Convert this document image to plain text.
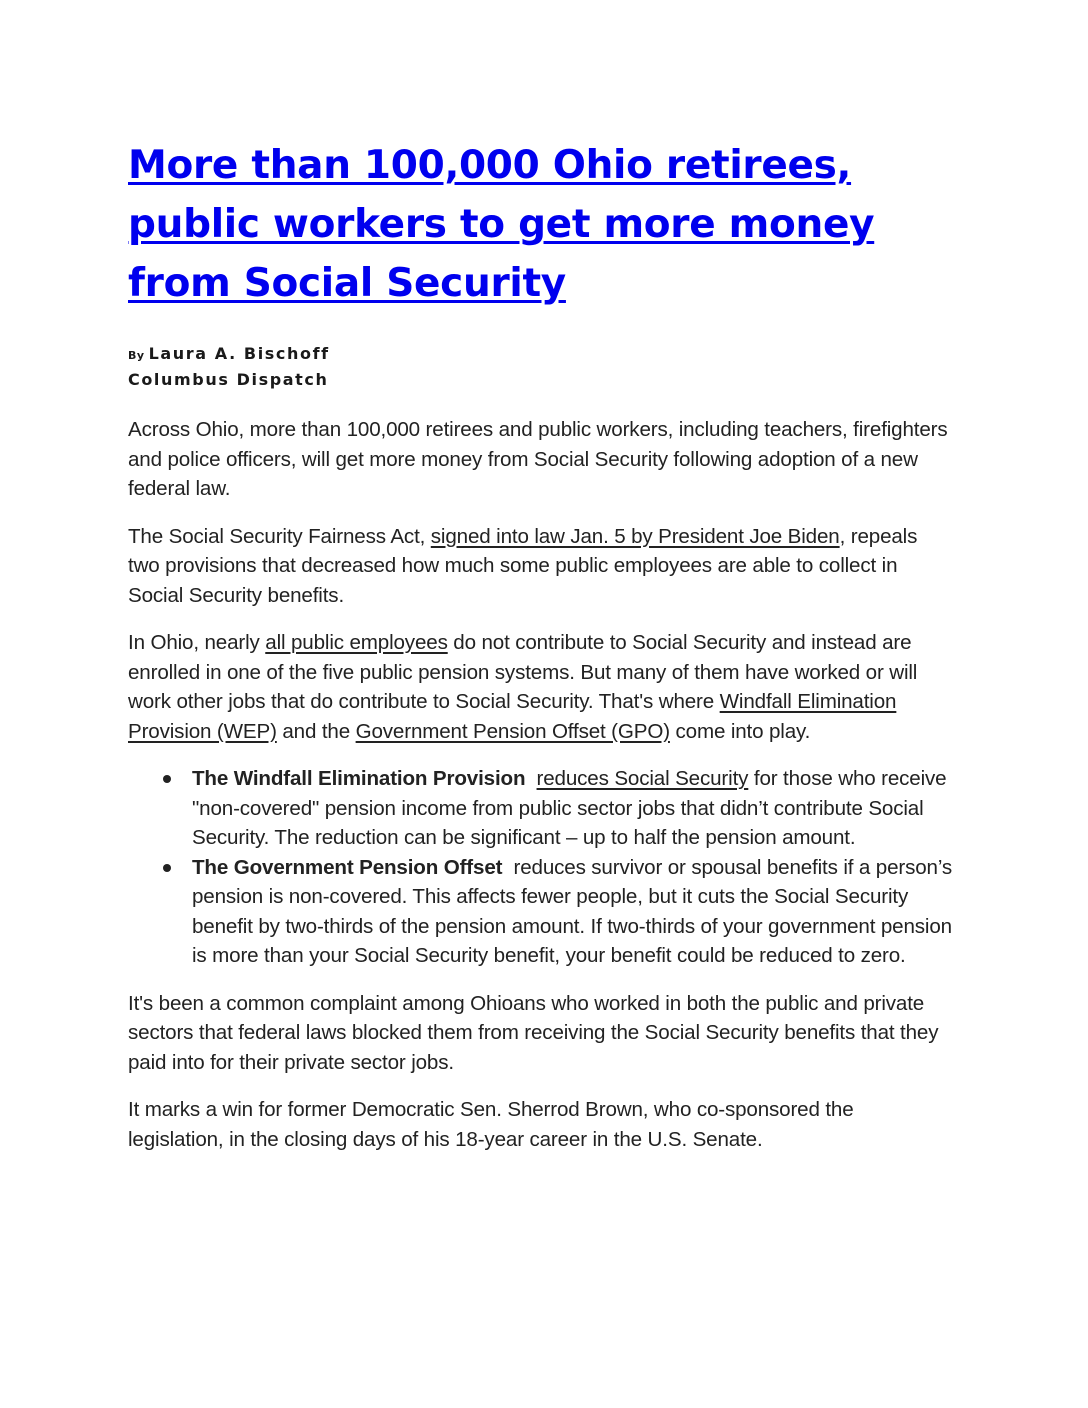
More than 100,000 Ohio retirees, public workers to get more money from Social Security
By Laura A. Bischoff
Columbus Dispatch

Across Ohio, more than 100,000 retirees and public workers, including teachers, firefighters and police officers, will get more money from Social Security following adoption of a new federal law.

The Social Security Fairness Act, signed into law Jan. 5 by President Joe Biden, repeals two provisions that decreased how much some public employees are able to collect in Social Security benefits.

In Ohio, nearly all public employees do not contribute to Social Security and instead are enrolled in one of the five public pension systems. But many of them have worked or will work other jobs that do contribute to Social Security. That's where Windfall Elimination Provision (WEP) and the Government Pension Offset (GPO) come into play.

The Windfall Elimination Provision reduces Social Security for those who receive "non-covered" pension income from public sector jobs that didn’t contribute Social Security. The reduction can be significant – up to half the pension amount.
The Government Pension Offset reduces survivor or spousal benefits if a person’s pension is non-covered. This affects fewer people, but it cuts the Social Security benefit by two-thirds of the pension amount. If two-thirds of your government pension is more than your Social Security benefit, your benefit could be reduced to zero.

It's been a common complaint among Ohioans who worked in both the public and private sectors that federal laws blocked them from receiving the Social Security benefits that they paid into for their private sector jobs.

It marks a win for former Democratic Sen. Sherrod Brown, who co-sponsored the legislation, in the closing days of his 18-year career in the U.S. Senate.
